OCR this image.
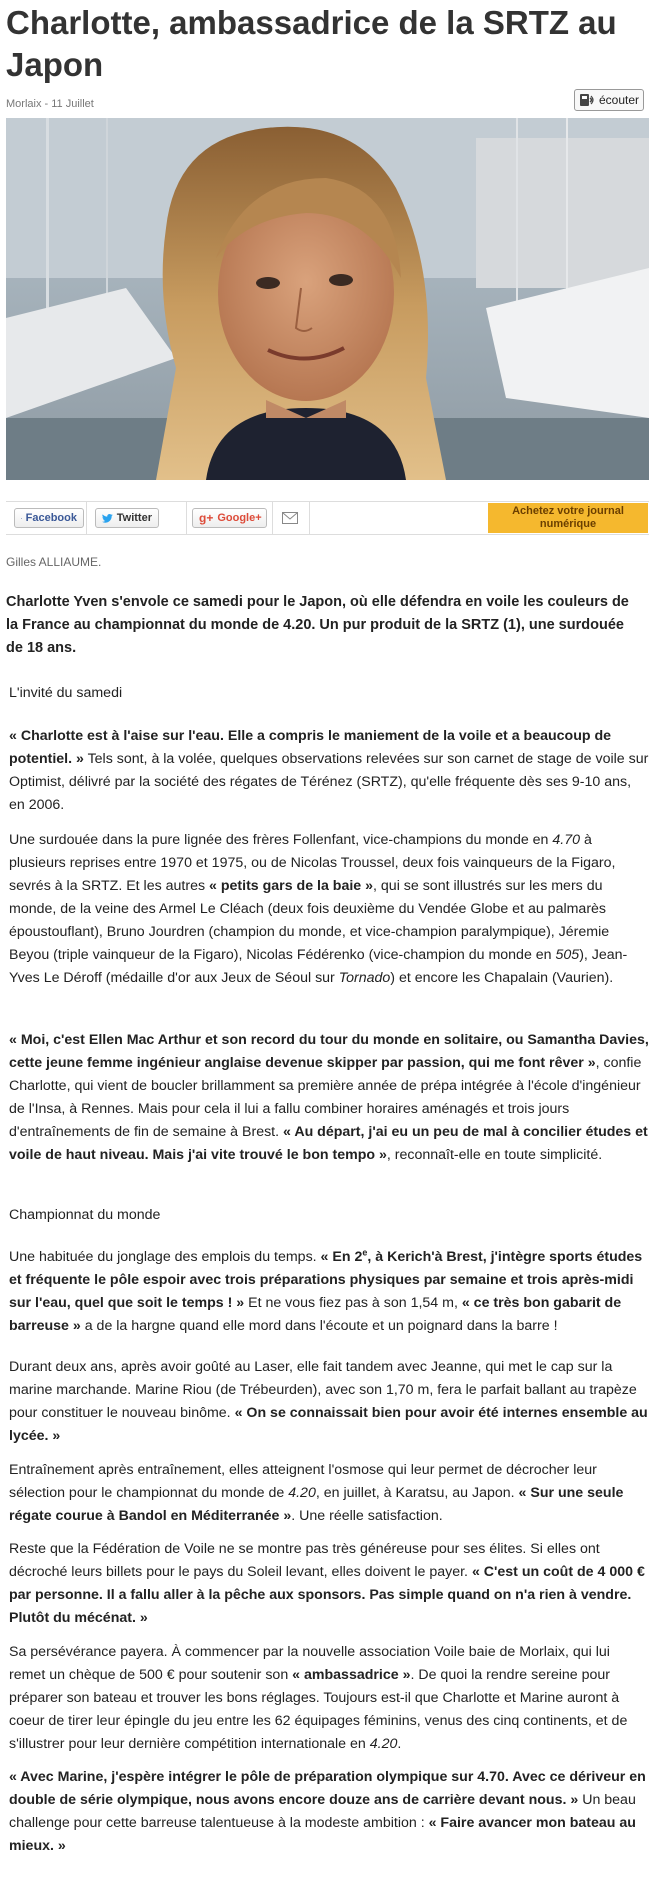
Charlotte, ambassadrice de la SRTZ au Japon
Morlaix - 11 Juillet	écouter
Facebook	Twitter	g+ Google+
Achetez votre journal numérique
Gilles ALLIAUME.

Charlotte Yven s'envole ce samedi pour le Japon, où elle défendra en voile les couleurs de la France au championnat du monde de 4.20. Un pur produit de la SRTZ (1), une surdouée de 18 ans.

L'invité du samedi

« Charlotte est à l'aise sur l'eau. Elle a compris le maniement de la voile et a beaucoup de potentiel. » Tels sont, à la volée, quelques observations relevées sur son carnet de stage de voile sur Optimist, délivré par la société des régates de Térénez (SRTZ), qu'elle fréquente dès ses 9-10 ans, en 2006.

Une surdouée dans la pure lignée des frères Follenfant, vice-champions du monde en 4.70 à plusieurs reprises entre 1970 et 1975, ou de Nicolas Troussel, deux fois vainqueurs de la Figaro, sevrés à la SRTZ. Et les autres « petits gars de la baie », qui se sont illustrés sur les mers du monde, de la veine des Armel Le Cléach (deux fois deuxième du Vendée Globe et au palmarès époustouflant), Bruno Jourdren (champion du monde, et vice-champion paralympique), Jéremie Beyou (triple vainqueur de la Figaro), Nicolas Fédérenko (vice-champion du monde en 505), Jean-Yves Le Déroff (médaille d'or aux Jeux de Séoul sur Tornado) et encore les Chapalain (Vaurien).

« Moi, c'est Ellen Mac Arthur et son record du tour du monde en solitaire, ou Samantha Davies, cette jeune femme ingénieur anglaise devenue skipper par passion, qui me font rêver », confie Charlotte, qui vient de boucler brillamment sa première année de prépa intégrée à l'école d'ingénieur de l'Insa, à Rennes. Mais pour cela il lui a fallu combiner horaires aménagés et trois jours d'entraînements de fin de semaine à Brest. « Au départ, j'ai eu un peu de mal à concilier études et voile de haut niveau. Mais j'ai vite trouvé le bon tempo », reconnaît-elle en toute simplicité.

Championnat du monde

Une habituée du jonglage des emplois du temps. « En 2e, à Kerich'à Brest, j'intègre sports études et fréquente le pôle espoir avec trois préparations physiques par semaine et trois après-midi sur l'eau, quel que soit le temps ! » Et ne vous fiez pas à son 1,54 m, « ce très bon gabarit de barreuse » a de la hargne quand elle mord dans l'écoute et un poignard dans la barre !

Durant deux ans, après avoir goûté au Laser, elle fait tandem avec Jeanne, qui met le cap sur la marine marchande. Marine Riou (de Trébeurden), avec son 1,70 m, fera le parfait ballant au trapèze pour constituer le nouveau binôme. « On se connaissait bien pour avoir été internes ensemble au lycée. »

Entraînement après entraînement, elles atteignent l'osmose qui leur permet de décrocher leur sélection pour le championnat du monde de 4.20, en juillet, à Karatsu, au Japon. « Sur une seule régate courue à Bandol en Méditerranée ». Une réelle satisfaction.

Reste que la Fédération de Voile ne se montre pas très généreuse pour ses élites. Si elles ont décroché leurs billets pour le pays du Soleil levant, elles doivent le payer. « C'est un coût de 4 000 € par personne. Il a fallu aller à la pêche aux sponsors. Pas simple quand on n'a rien à vendre. Plutôt du mécénat. »

Sa persévérance payera. À commencer par la nouvelle association Voile baie de Morlaix, qui lui remet un chèque de 500 € pour soutenir son « ambassadrice ». De quoi la rendre sereine pour préparer son bateau et trouver les bons réglages. Toujours est-il que Charlotte et Marine auront à coeur de tirer leur épingle du jeu entre les 62 équipages féminins, venus des cinq continents, et de s'illustrer pour leur dernière compétition internationale en 4.20.

« Avec Marine, j'espère intégrer le pôle de préparation olympique sur 4.70. Avec ce dériveur en double de série olympique, nous avons encore douze ans de carrière devant nous. » Un beau challenge pour cette barreuse talentueuse à la modeste ambition : « Faire avancer mon bateau au mieux. »
